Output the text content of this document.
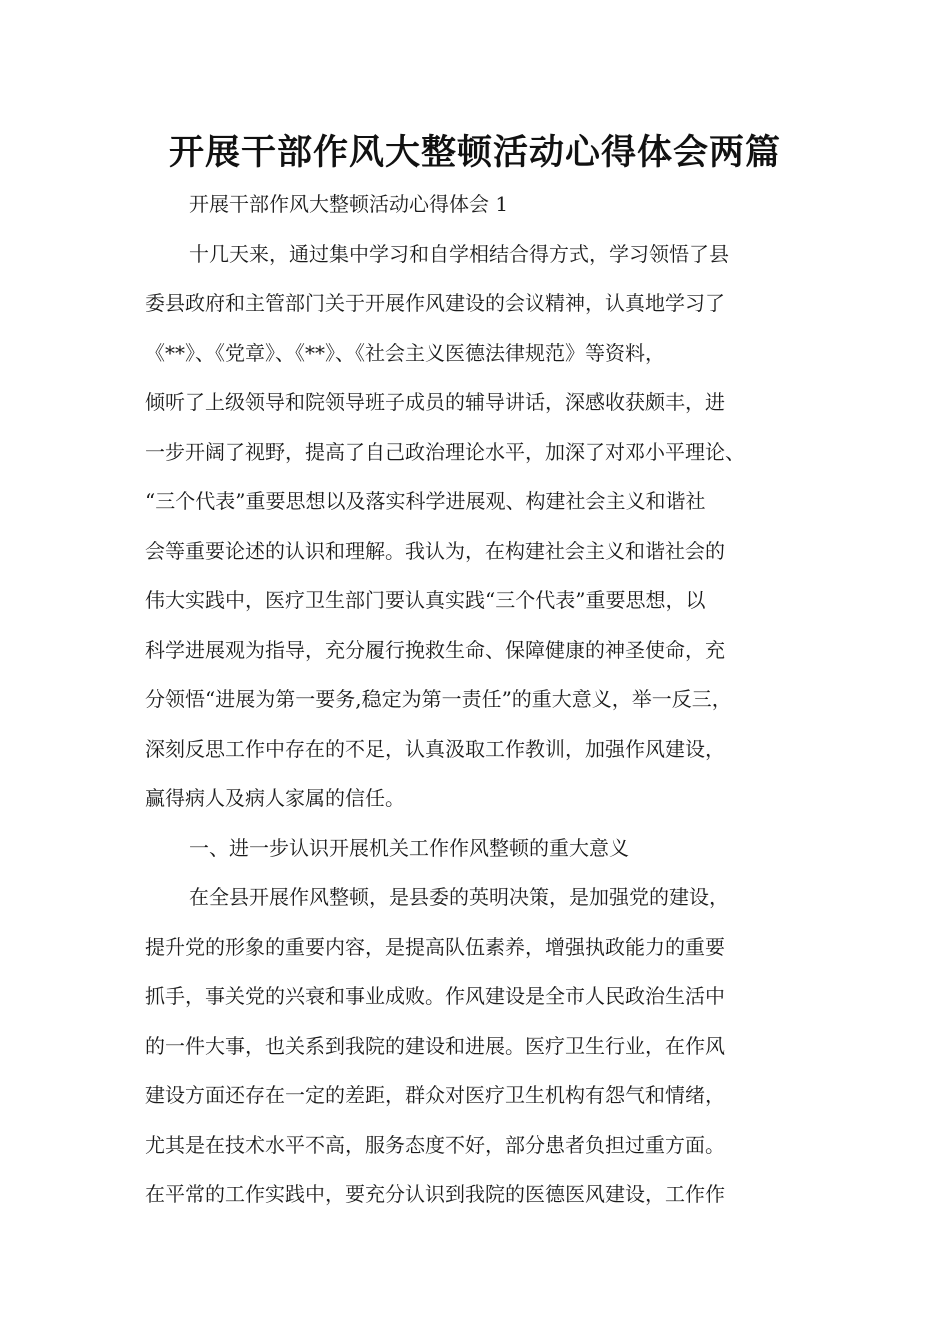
开展干部作风大整顿活动心得体会两篇
开展干部作风大整顿活动心得体会 1
十几天来，通过集中学习和自学相结合得方式，学习领悟了县
委县政府和主管部门关于开展作风建设的会议精神，认真地学习了
《**》、《党章》、《**》、《社会主义医德法律规范》等资料，
倾听了上级领导和院领导班子成员的辅导讲话，深感收获颇丰，进
一步开阔了视野，提高了自己政治理论水平，加深了对邓小平理论、
“三个代表”重要思想以及落实科学进展观、构建社会主义和谐社
会等重要论述的认识和理解。我认为，在构建社会主义和谐社会的
伟大实践中，医疗卫生部门要认真实践“三个代表”重要思想，以
科学进展观为指导，充分履行挽救生命、保障健康的神圣使命，充
分领悟“进展为第一要务,稳定为第一责任”的重大意义，举一反三，
深刻反思工作中存在的不足，认真汲取工作教训，加强作风建设，
赢得病人及病人家属的信任。
一、进一步认识开展机关工作作风整顿的重大意义
在全县开展作风整顿，是县委的英明决策，是加强党的建设，
提升党的形象的重要内容，是提高队伍素养，增强执政能力的重要
抓手，事关党的兴衰和事业成败。作风建设是全市人民政治生活中
的一件大事，也关系到我院的建设和进展。医疗卫生行业，在作风
建设方面还存在一定的差距，群众对医疗卫生机构有怨气和情绪，
尤其是在技术水平不高，服务态度不好，部分患者负担过重方面。
在平常的工作实践中，要充分认识到我院的医德医风建设，工作作
